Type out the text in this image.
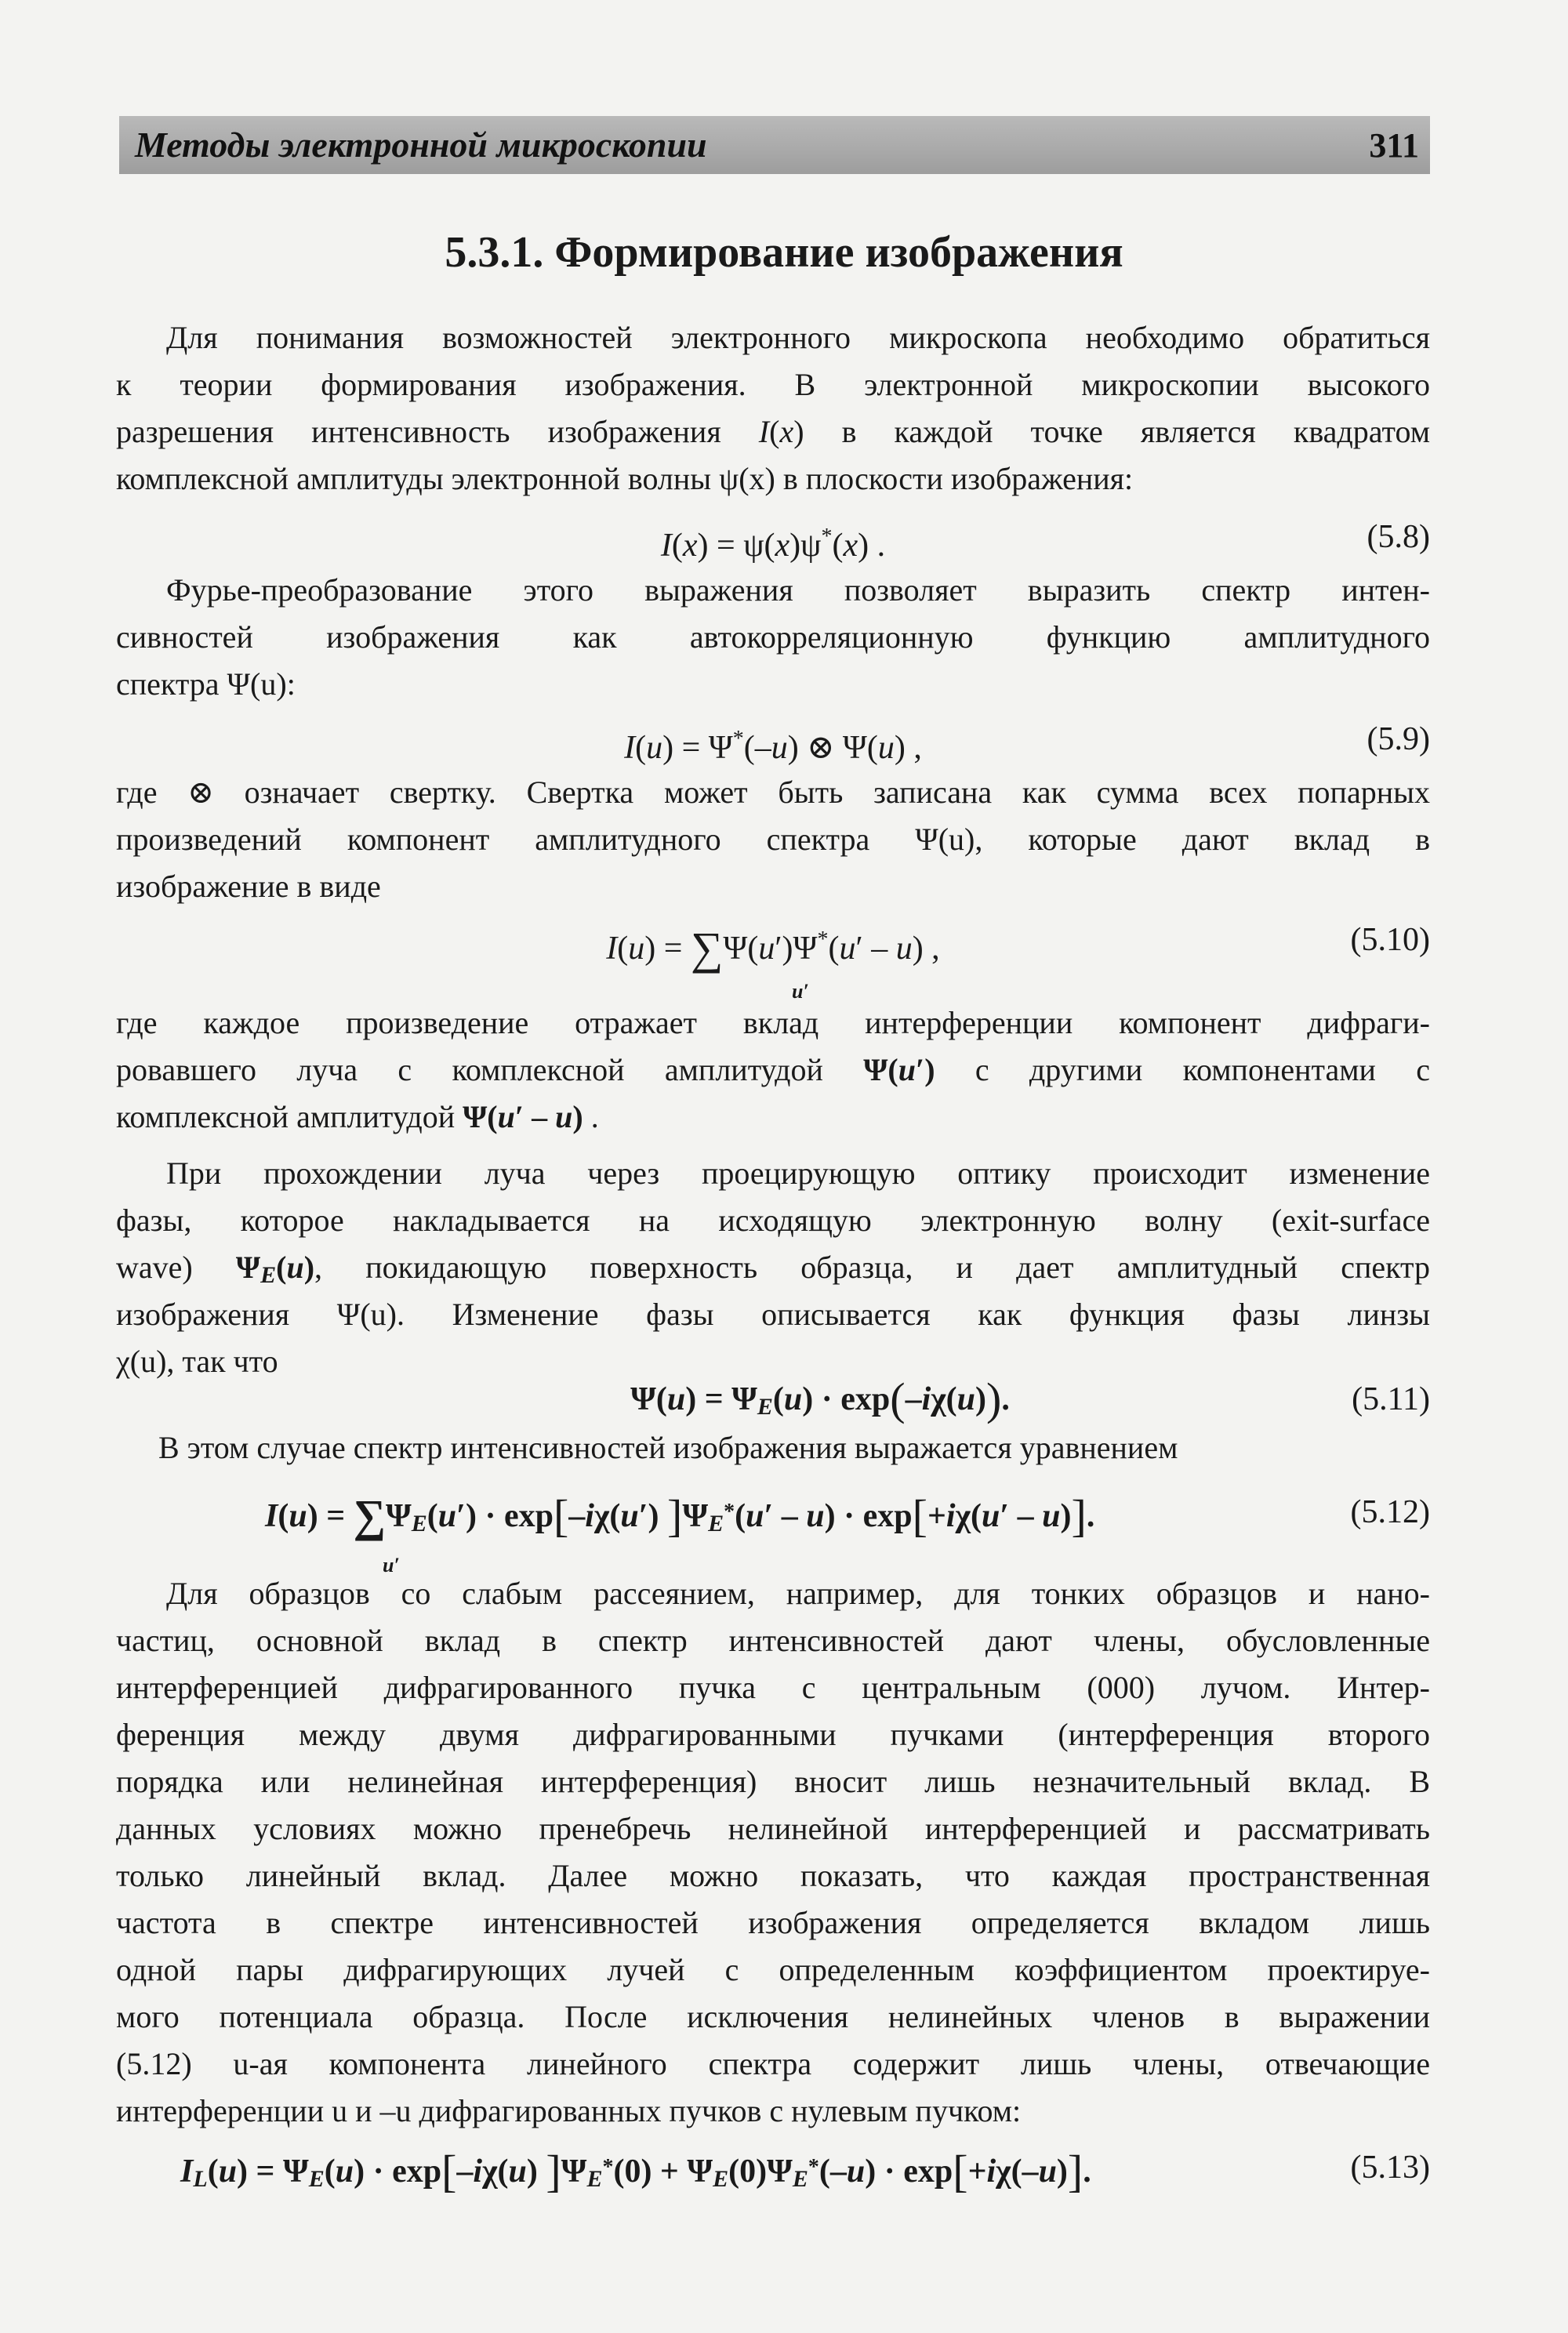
Методы электронной микроскопии	311
5.3.1. Формирование изображения
Для понимания возможностей электронного микроскопа необходимо обратиться
к теории формирования изображения. В электронной микроскопии высокого
разрешения интенсивность изображения I(x) в каждой точке является квадратом
комплексной амплитуды электронной волны ψ(x) в плоскости изображения:
I(x) = ψ(x)ψ*(x) .	(5.8)
Фурье-преобразование этого выражения позволяет выразить спектр интен-
сивностей изображения как автокорреляционную функцию амплитудного
спектра Ψ(u):
I(u) = Ψ*(–u) ⊗ Ψ(u) ,	(5.9)
где ⊗ означает свертку. Свертка может быть записана как сумма всех попарных
произведений компонент амплитудного спектра Ψ(u), которые дают вклад в
изображение в виде
I(u) = ∑Ψ(u′)Ψ*(u′ – u) ,
u′
(5.10)
где каждое произведение отражает вклад интерференции компонент дифраги-
ровавшего луча с комплексной амплитудой Ψ(u′) с другими компонентами с
комплексной амплитудой Ψ(u′ – u) .
При прохождении луча через проецирующую оптику происходит изменение
фазы, которое накладывается на исходящую электронную волну (exit-surface
wave) $\Psi_E(u)$, покидающую поверхность образца, и дает амплитудный спектр
изображения Ψ(u). Изменение фазы описывается как функция фазы линзы
χ(u), так что
$\Psi(u) = \Psi_E(u) \cdot \exp(-i\chi(u))$.	(5.11)
В этом случае спектр интенсивностей изображения выражается уравнением
$I(u) = \sum\Psi_E(u') \cdot \exp[-i\chi(u')$ ]$\Psi_{E*}(u' - u) \cdot \exp[+i\chi(u' - u)]$.
u′
(5.12)
Для образцов со слабым рассеянием, например, для тонких образцов и нано-
частиц, основной вклад в спектр интенсивностей дают члены, обусловленные
интерференцией дифрагированного пучка с центральным (000) лучом. Интер-
ференция между двумя дифрагированными пучками (интерференция второго
порядка или нелинейная интерференция) вносит лишь незначительный вклад. В
данных условиях можно пренебречь нелинейной интерференцией и рассматривать
только линейный вклад. Далее можно показать, что каждая пространственная
частота в спектре интенсивностей изображения определяется вкладом лишь
одной пары дифрагирующих лучей с определенным коэффициентом проектируе-
мого потенциала образца. После исключения нелинейных членов в выражении
(5.12) u-ая компонента линейного спектра содержит лишь члены, отвечающие
интерференции u и –u дифрагированных пучков с нулевым пучком:
$I_L(u) = \Psi_E(u) \cdot \exp[-i\chi(u) ]\Psi_{E*}(0) + \Psi_E(0)\Psi_{E*}(-u) \cdot \exp[+i\chi(-u)]$.	(5.13)
